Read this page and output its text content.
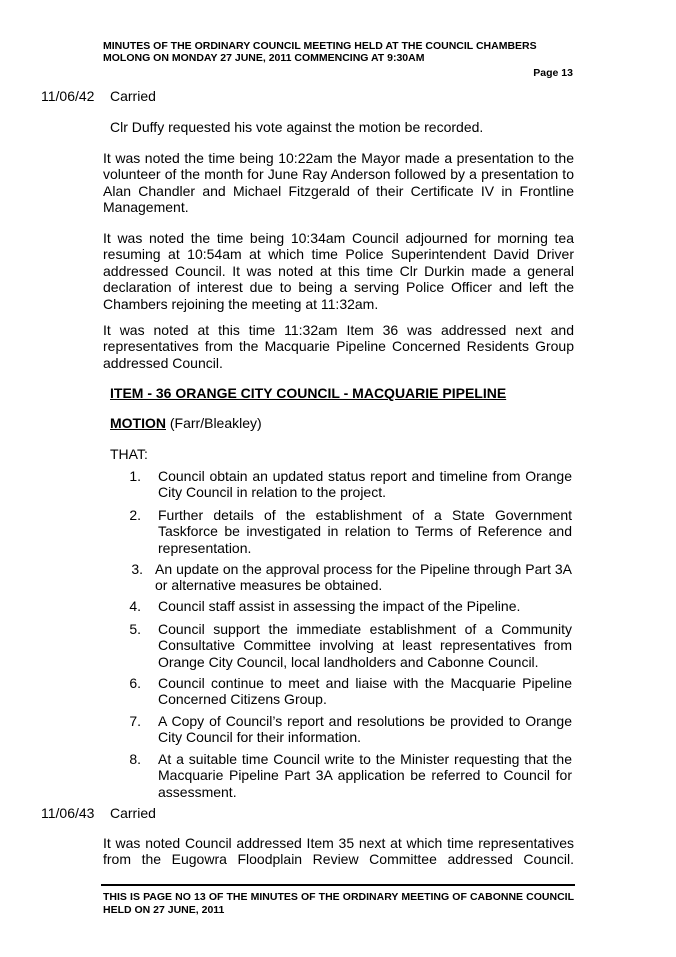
MINUTES OF THE ORDINARY COUNCIL MEETING HELD AT THE COUNCIL CHAMBERS
MOLONG ON MONDAY 27 JUNE, 2011 COMMENCING AT 9:30AM
Page 13
11/06/42 Carried
Clr Duffy requested his vote against the motion be recorded.
It was noted the time being 10:22am the Mayor made a presentation to the volunteer of the month for June Ray Anderson followed by a presentation to Alan Chandler and Michael Fitzgerald of their Certificate IV in Frontline Management.
It was noted the time being 10:34am Council adjourned for morning tea resuming at 10:54am at which time Police Superintendent David Driver addressed Council. It was noted at this time Clr Durkin made a general declaration of interest due to being a serving Police Officer and left the Chambers rejoining the meeting at 11:32am.
It was noted at this time 11:32am Item 36 was addressed next and representatives from the Macquarie Pipeline Concerned Residents Group addressed Council.
ITEM - 36 ORANGE CITY COUNCIL - MACQUARIE PIPELINE
MOTION (Farr/Bleakley)
THAT:
1. Council obtain an updated status report and timeline from Orange City Council in relation to the project.
2. Further details of the establishment of a State Government Taskforce be investigated in relation to Terms of Reference and representation.
3. An update on the approval process for the Pipeline through Part 3A or alternative measures be obtained.
4. Council staff assist in assessing the impact of the Pipeline.
5. Council support the immediate establishment of a Community Consultative Committee involving at least representatives from Orange City Council, local landholders and Cabonne Council.
6. Council continue to meet and liaise with the Macquarie Pipeline Concerned Citizens Group.
7. A Copy of Council’s report and resolutions be provided to Orange City Council for their information.
8. At a suitable time Council write to the Minister requesting that the Macquarie Pipeline Part 3A application be referred to Council for assessment.
11/06/43 Carried
It was noted Council addressed Item 35 next at which time representatives from the Eugowra Floodplain Review Committee addressed Council.
THIS IS PAGE NO 13 OF THE MINUTES OF THE ORDINARY MEETING OF CABONNE COUNCIL HELD ON 27 JUNE, 2011
